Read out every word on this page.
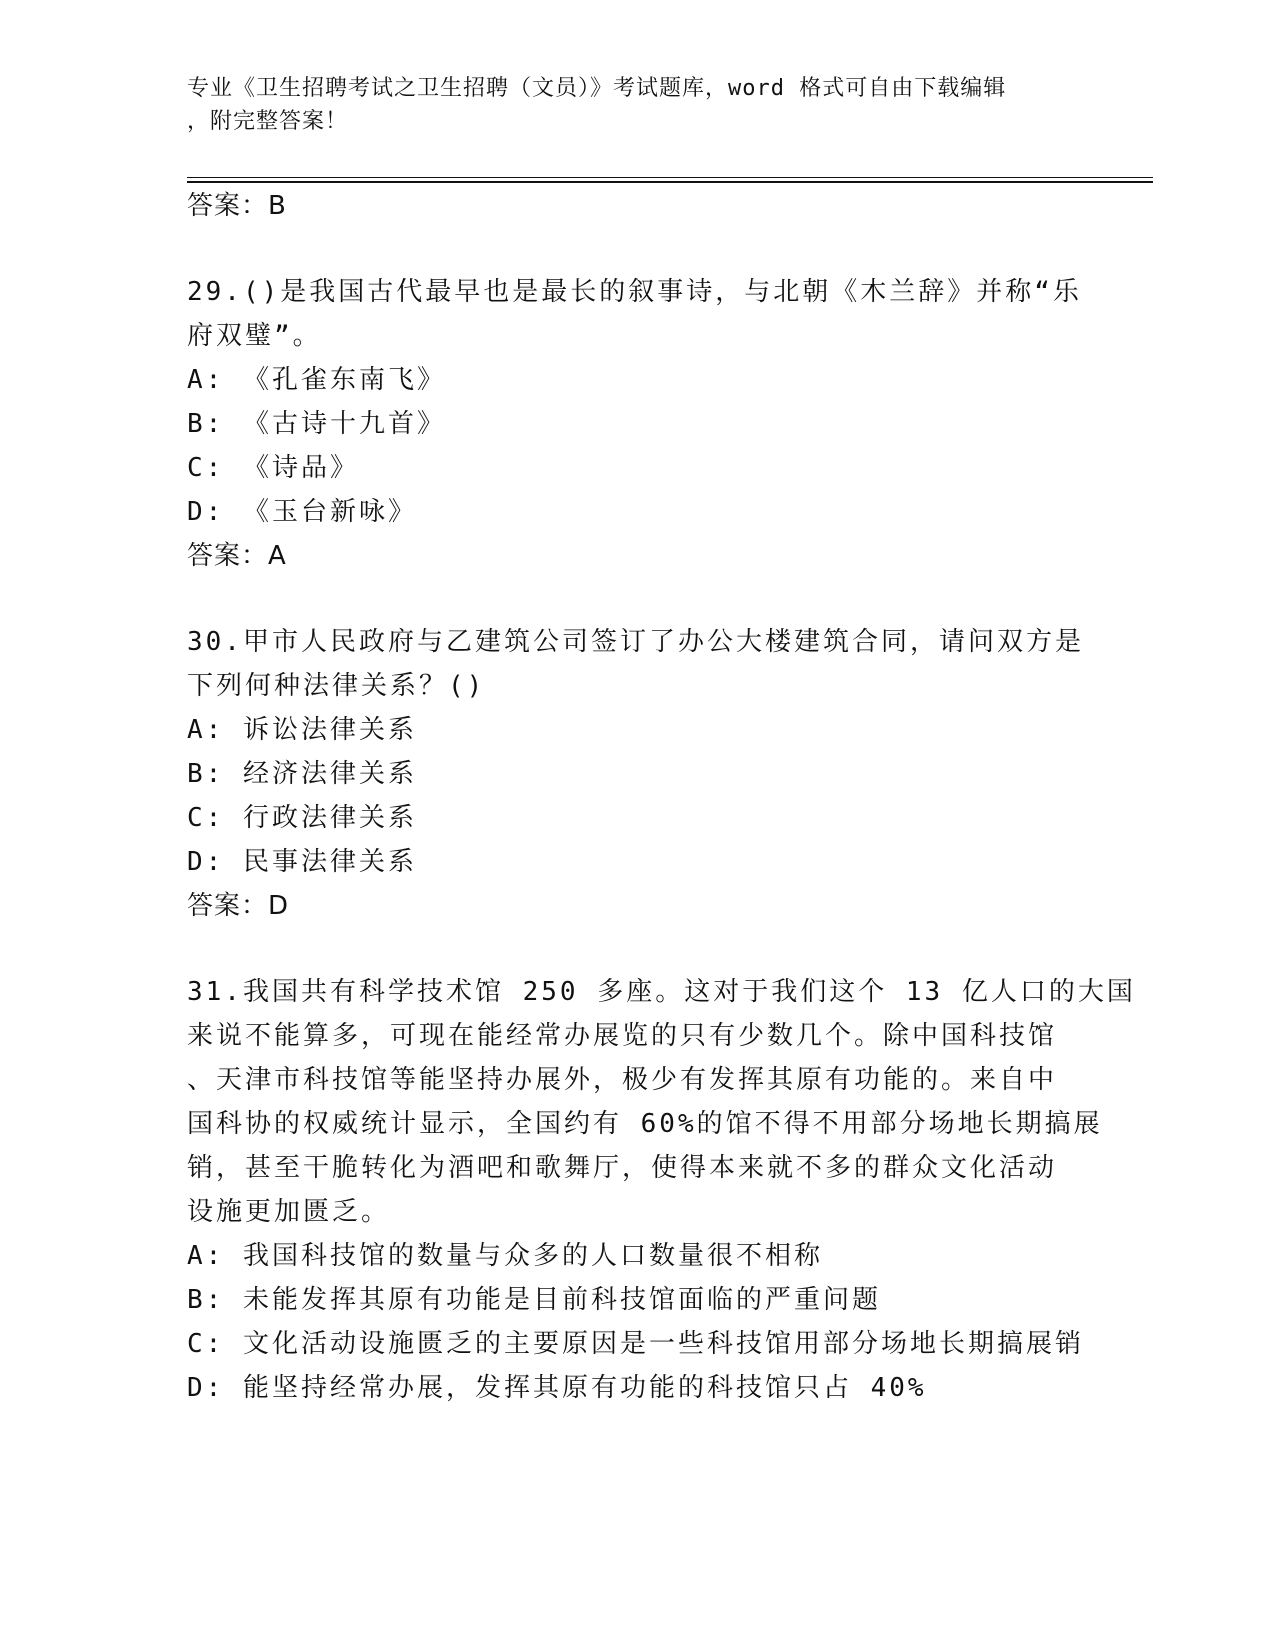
专业《卫生招聘考试之卫生招聘（文员）》考试题库，word 格式可自由下载编辑
，附完整答案！
答案：B
29.()是我国古代最早也是最长的叙事诗，与北朝《木兰辞》并称“乐
府双璧”。
A: 《孔雀东南飞》
B: 《古诗十九首》
C: 《诗品》
D: 《玉台新咏》
答案：A
30.甲市人民政府与乙建筑公司签订了办公大楼建筑合同，请问双方是
下列何种法律关系？()
A: 诉讼法律关系
B: 经济法律关系
C: 行政法律关系
D: 民事法律关系
答案：D
31.我国共有科学技术馆 250 多座。这对于我们这个 13 亿人口的大国
来说不能算多，可现在能经常办展览的只有少数几个。除中国科技馆
、天津市科技馆等能坚持办展外，极少有发挥其原有功能的。来自中
国科协的权威统计显示，全国约有 60%的馆不得不用部分场地长期搞展
销，甚至干脆转化为酒吧和歌舞厅，使得本来就不多的群众文化活动
设施更加匮乏。
A: 我国科技馆的数量与众多的人口数量很不相称
B: 未能发挥其原有功能是目前科技馆面临的严重问题
C: 文化活动设施匮乏的主要原因是一些科技馆用部分场地长期搞展销
D: 能坚持经常办展，发挥其原有功能的科技馆只占 40%
